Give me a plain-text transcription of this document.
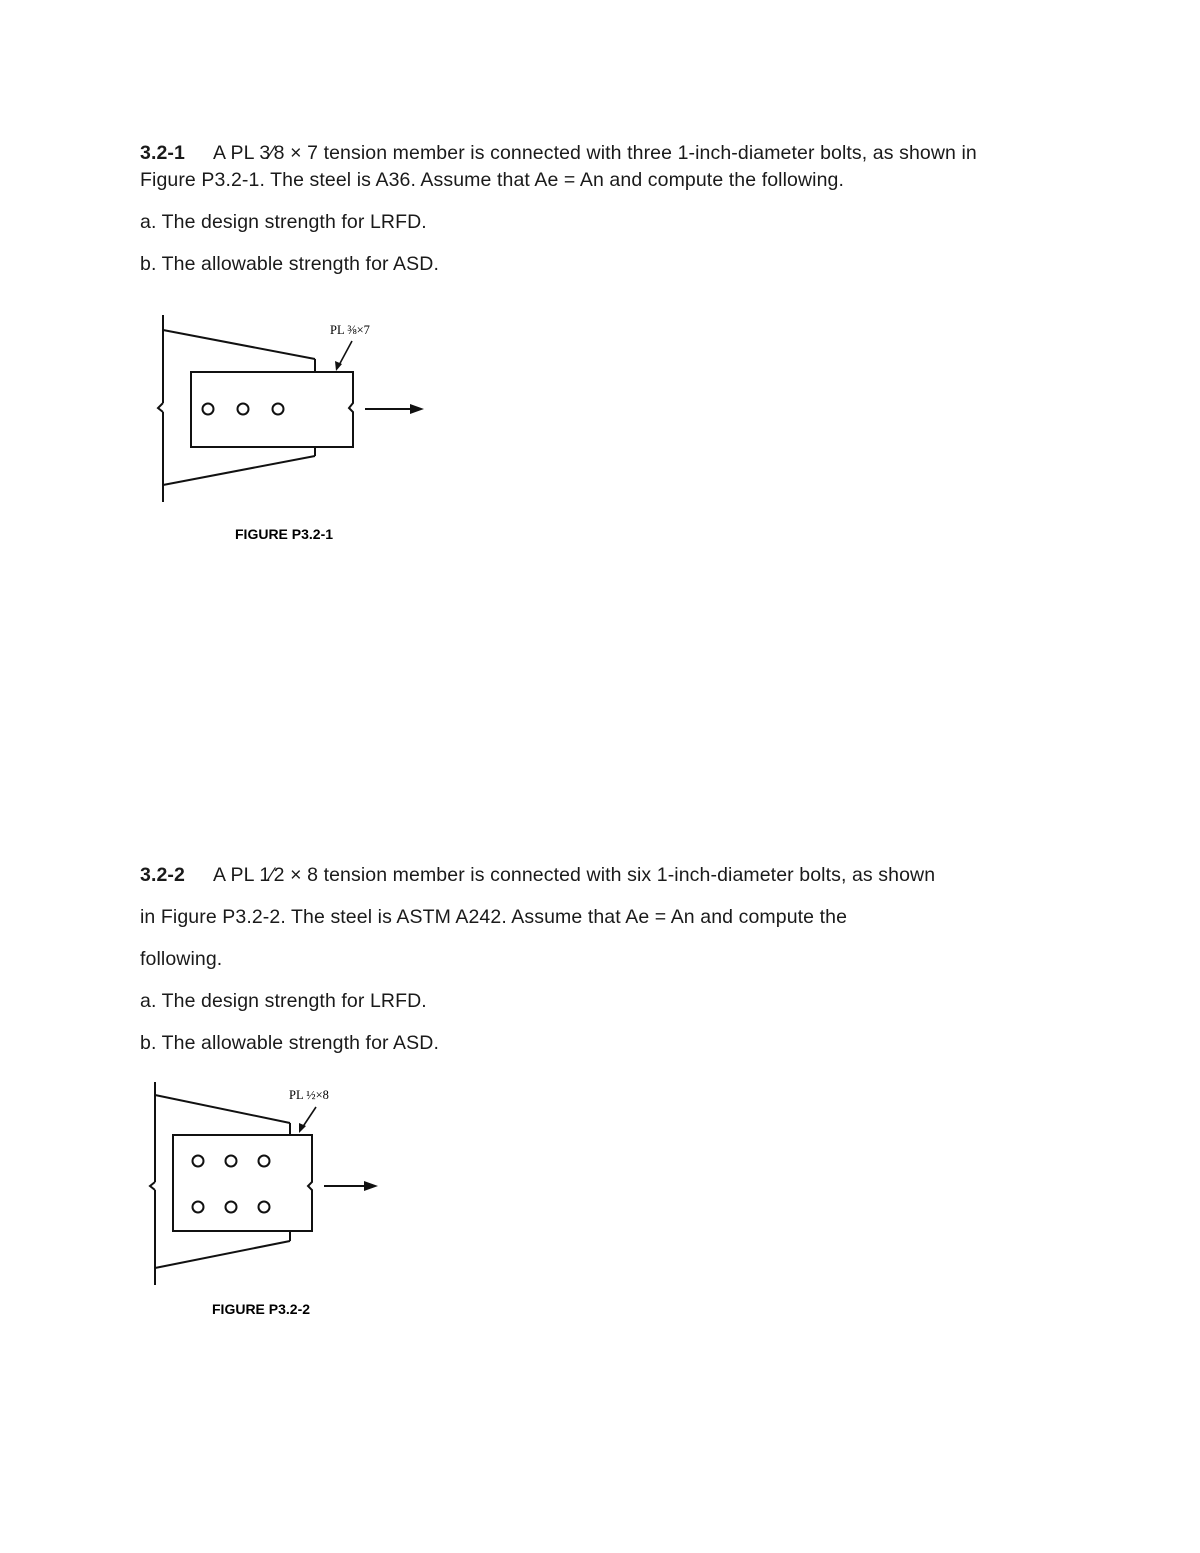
3.2-1 A PL 3⁄8 × 7 tension member is connected with three 1-inch-diameter bolts, as shown in
Figure P3.2-1. The steel is A36. Assume that Ae = An and compute the following.

a. The design strength for LRFD.

b. The allowable strength for ASD.

PL ⅜×7
FIGURE P3.2-1

3.2-2 A PL 1⁄2 × 8 tension member is connected with six 1-inch-diameter bolts, as shown

in Figure P3.2-2. The steel is ASTM A242. Assume that Ae = An and compute the

following.

a. The design strength for LRFD.

b. The allowable strength for ASD.

PL ½×8
FIGURE P3.2-2
